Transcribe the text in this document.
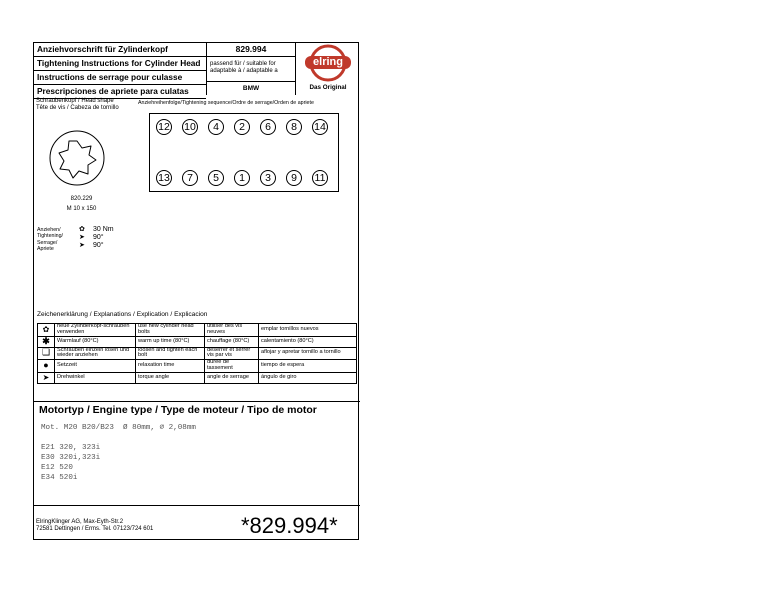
Anziehvorschrift für Zylinderkopf
Tightening Instructions for Cylinder Head
Instructions de serrage pour culasse
Prescripciones de apriete para culatas
829.994
passend für / suitable for
adaptable à / adaptable a
BMW
elring
Das Original
Schraubenkopf / Head shape
Tête de vis / Cabeza de tornillo
820.229
M 10 x 150
Anziehreihenfolge/Tightening sequence/Ordre de serrage/Orden de apriete
12 10	4	2	6	8	14
13	7	5	1	3	9	11
Anziehen/
Tightening/
Serrage/
Apriete
✿ 30 Nm
➤ 90°
➤ 90°
Zeichenerklärung / Explanations / Explication / Explicacion
✿	neue Zylinderkopf-schrauben verwenden	use new cylinder head bolts	utiliser des vis neuves	emplar tornillos nuevos
✱	Warmlauf (80°C)	warm up time (80°C)	chauffage (80°C)	calentamiento (80°C)
❑	Schrauben einzeln lösen und wieder anziehen	loosen and tighten each bolt	deserrer et serrer vis par vis	aflojar y apretar tornillo a tornillo
●	Setzzeit	relaxation time	durée de tassement	tiempo de espera
➤	Drehwinkel	torque angle	angle de serrage	ángulo de giro
Motortyp / Engine type / Type de moteur / Tipo de motor
Mot. M20 B20/B23  Ø 80mm, ⌀ 2,08mm
E21 320, 323i
E30 320i,323i
E12 520
E34 520i
ElringKlinger AG, Max-Eyth-Str.2
72581 Dettingen / Erms. Tel. 07123/724 601	*829.994*
